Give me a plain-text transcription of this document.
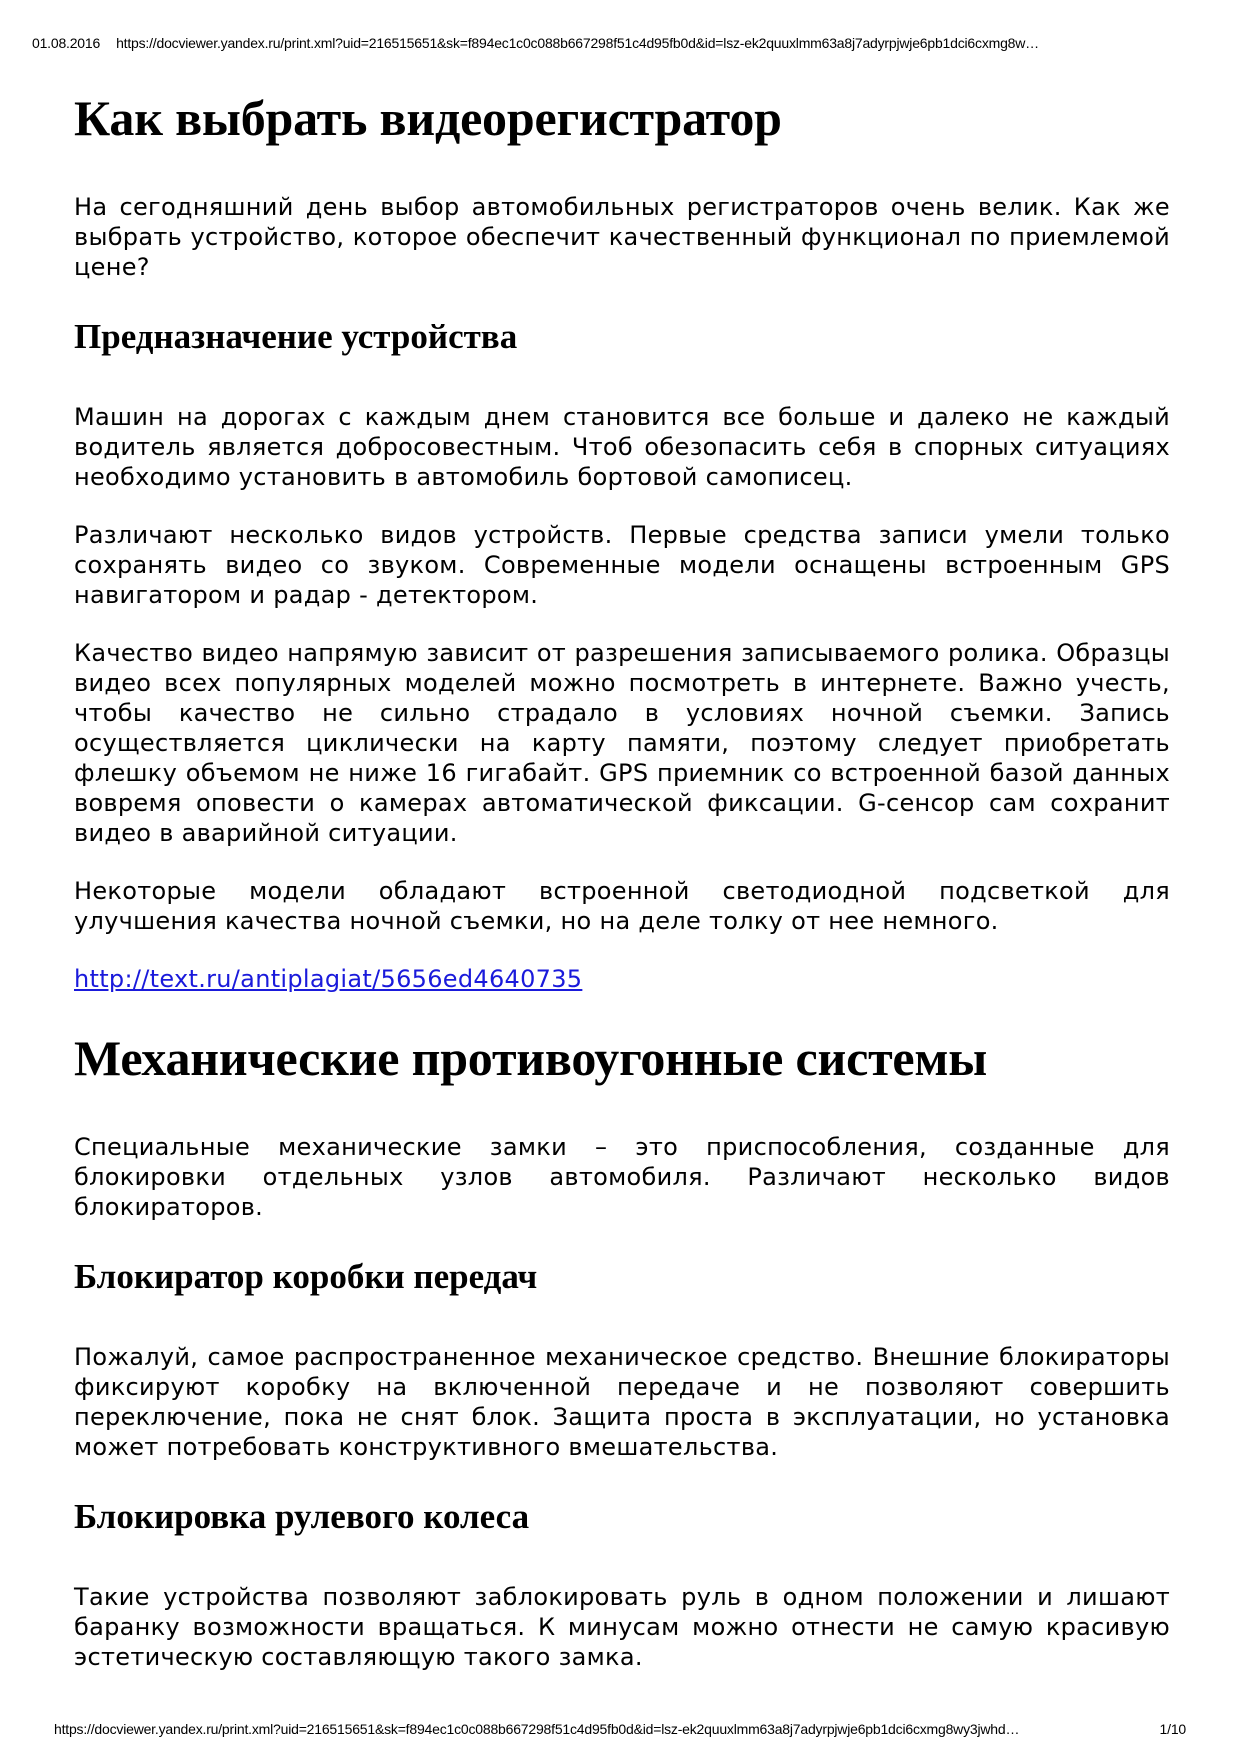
01.08.2016 https://docviewer.yandex.ru/print.xml?uid=216515651&sk=f894ec1c0c088b667298f51c4d95fb0d&id=lsz-ek2quuxlmm63a8j7adyrpjwje6pb1dci6cxmg8w…
Как выбрать видеорегистратор

На сегодняшний день выбор автомобильных регистраторов очень велик. Как же выбрать устройство, которое обеспечит качественный функционал по приемлемой цене?

Предназначение устройства

Машин на дорогах с каждым днем становится все больше и далеко не каждый водитель является добросовестным. Чтоб обезопасить себя в спорных ситуациях необходимо установить в автомобиль бортовой самописец.

Различают несколько видов устройств. Первые средства записи умели только сохранять видео со звуком. Современные модели оснащены встроенным GPS навигатором и радар - детектором.

Качество видео напрямую зависит от разрешения записываемого ролика. Образцы видео всех популярных моделей можно посмотреть в интернете. Важно учесть, чтобы качество не сильно страдало в условиях ночной съемки. Запись осуществляется циклически на карту памяти, поэтому следует приобретать флешку объемом не ниже 16 гигабайт. GPS приемник со встроенной базой данных вовремя оповести о камерах автоматической фиксации. G-сенсор сам сохранит видео в аварийной ситуации.

Некоторые модели обладают встроенной светодиодной подсветкой для улучшения качества ночной съемки, но на деле толку от нее немного.

http://text.ru/antiplagiat/5656ed4640735

Механические противоугонные системы

Специальные механические замки – это приспособления, созданные для блокировки отдельных узлов автомобиля. Различают несколько видов блокираторов.

Блокиратор коробки передач

Пожалуй, самое распространенное механическое средство. Внешние блокираторы фиксируют коробку на включенной передаче и не позволяют совершить переключение, пока не снят блок. Защита проста в эксплуатации, но установка может потребовать конструктивного вмешательства.

Блокировка рулевого колеса

Такие устройства позволяют заблокировать руль в одном положении и лишают баранку возможности вращаться. К минусам можно отнести не самую красивую эстетическую составляющую такого замка.

https://docviewer.yandex.ru/print.xml?uid=216515651&sk=f894ec1c0c088b667298f51c4d95fb0d&id=lsz-ek2quuxlmm63a8j7adyrpjwje6pb1dci6cxmg8wy3jwhd…	1/10
